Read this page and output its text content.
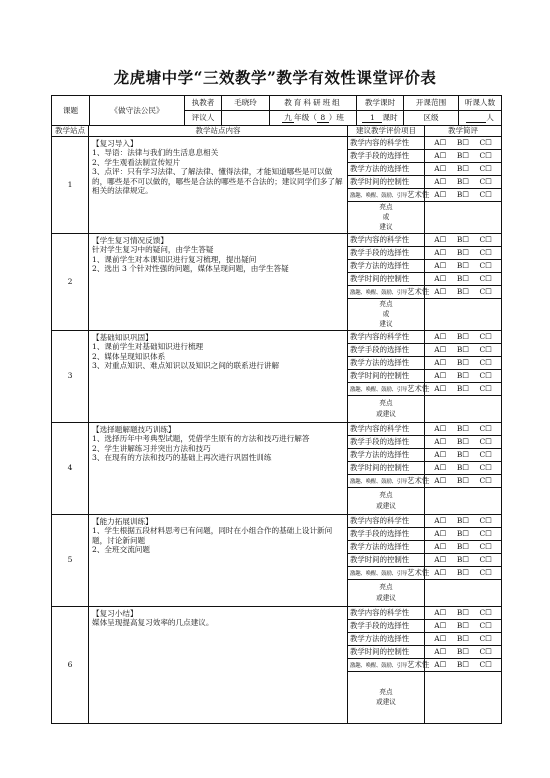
龙虎塘中学“三效教学”教学有效性课堂评价表
课题	《做守法公民》	执教者	毛晓玲	教育科研班组	教学课时	开课范围	听课人数
		评议人		九 年级（ 8 ）班	1 课时	区级	人
教学站点	教学站点内容	建议教学评价项目	教学简评
1	【复习导入】
1、导语：法律与我们的生活息息相关
2、学生观看法制宣传短片
3、点评：只有学习法律、了解法律、懂得法律，才能知道哪些是可以做的，哪些是不可以做的，哪些是合法的哪些是不合法的；建议同学们多了解相关的法律规定。	教学内容的科学性	A☐ B☐ C☐

		教学手段的选择性	A☐ B☐ C☐

		教学方法的选择性	A☐ B☐ C☐

		教学时间的控制性	A☐ B☐ C☐

		激趣、唤醒、鼓励、引导艺术性	A☐ B☐ C☐

		亮点
或
建议	

2	【学生复习情况反馈】
针对学生复习中的疑问，由学生答疑
1、课前学生对本课知识进行复习梳理，提出疑问
2、选出 3 个针对性强的问题，媒体呈现问题，由学生答疑	教学内容的科学性	A☐ B☐ C☐

		教学手段的选择性	A☐ B☐ C☐

		教学方法的选择性	A☐ B☐ C☐

		教学时间的控制性	A☐ B☐ C☐

		激趣、唤醒、鼓励、引导艺术性	A☐ B☐ C☐

		亮点
或
建议	

3	【基础知识巩固】
1、课前学生对基础知识进行梳理
2、媒体呈现知识体系
3、对重点知识、难点知识以及知识之间的联系进行讲解	教学内容的科学性	A☐ B☐ C☐

		教学手段的选择性	A☐ B☐ C☐

		教学方法的选择性	A☐ B☐ C☐

		教学时间的控制性	A☐ B☐ C☐

		激趣、唤醒、鼓励、引导艺术性	A☐ B☐ C☐

		亮点
或建议	

4	【选择题解题技巧训练】
1、选择历年中考典型试题，凭借学生原有的方法和技巧进行解答
2、学生讲解练习并突出方法和技巧
3、在现有的方法和技巧的基础上再次进行巩固性训练	教学内容的科学性	A☐ B☐ C☐

		教学手段的选择性	A☐ B☐ C☐

		教学方法的选择性	A☐ B☐ C☐

		教学时间的控制性	A☐ B☐ C☐

		激趣、唤醒、鼓励、引导艺术性	A☐ B☐ C☐

		亮点
或建议	

5	【能力拓展训练】
1、学生根据五段材料思考已有问题，同时在小组合作的基础上设计新问题，讨论新问题
2、全班交流问题	教学内容的科学性	A☐ B☐ C☐

		教学手段的选择性	A☐ B☐ C☐

		教学方法的选择性	A☐ B☐ C☐

		教学时间的控制性	A☐ B☐ C☐

		激趣、唤醒、鼓励、引导艺术性	A☐ B☐ C☐

		亮点
或建议	

6	【复习小结】
媒体呈现提高复习效率的几点建议。	教学内容的科学性	A☐ B☐ C☐

		教学手段的选择性	A☐ B☐ C☐

		教学方法的选择性	A☐ B☐ C☐

		教学时间的控制性	A☐ B☐ C☐

		激趣、唤醒、鼓励、引导艺术性	A☐ B☐ C☐

		亮点
或建议	
